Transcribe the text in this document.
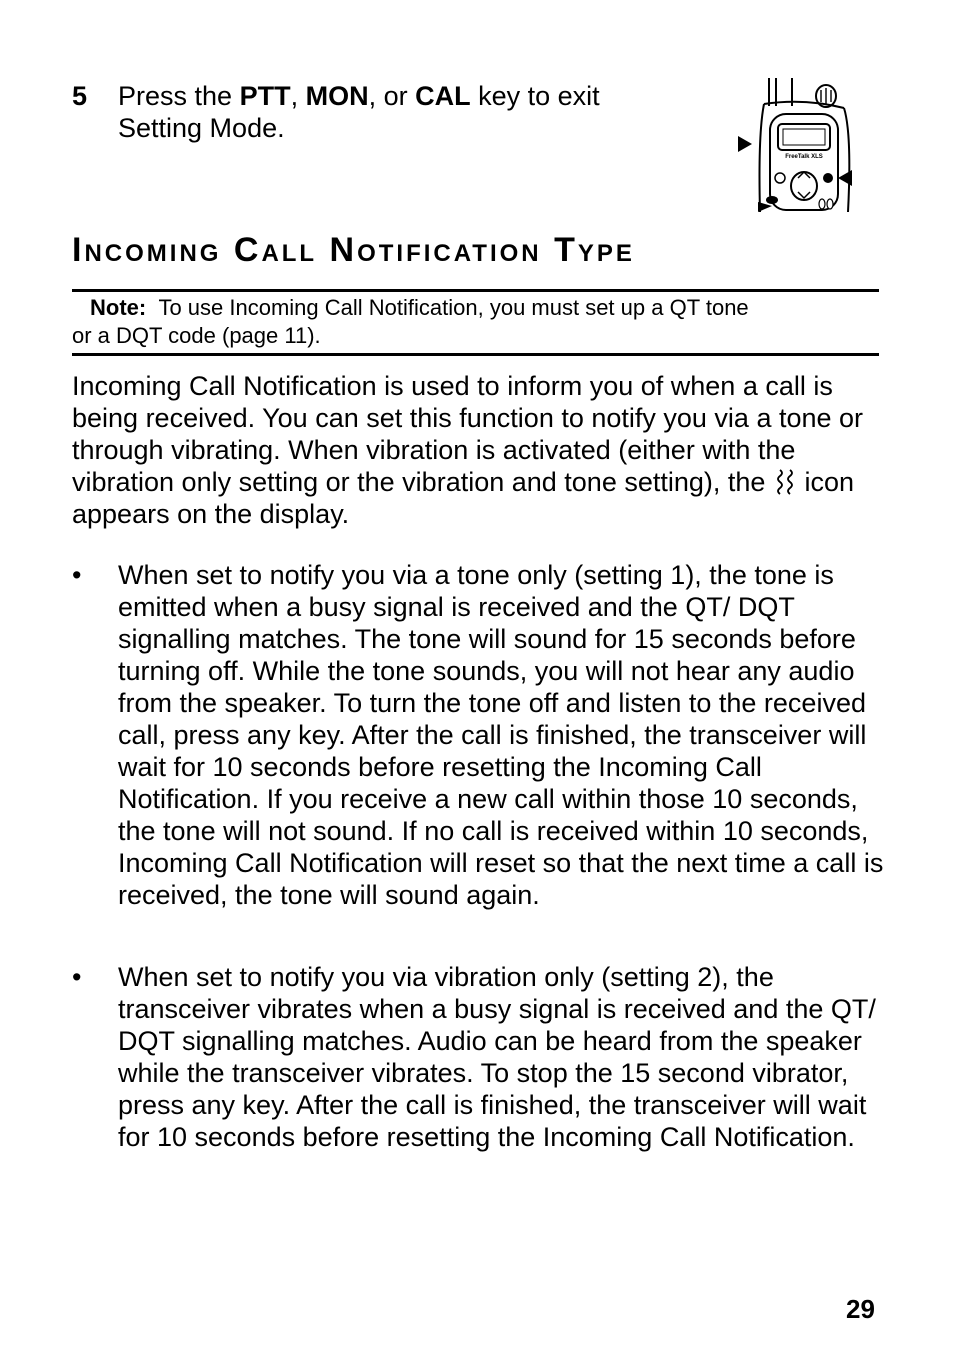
5 Press the PTT, MON, or CAL key to exit
Setting Mode.
FreeTalk XLS
Incoming Call Notification Type
Note: To use Incoming Call Notification, you must set up a QT tone
or a DQT code (page 11).
Incoming Call Notification is used to inform you of when a call is being received. You can set this function to notify you via a tone or through vibrating. When vibration is activated (either with the vibration only setting or the vibration and tone setting), the icon appears on the display.
• When set to notify you via a tone only (setting 1), the tone is emitted when a busy signal is received and the QT/ DQT signalling matches. The tone will sound for 15 seconds before turning off. While the tone sounds, you will not hear any audio from the speaker. To turn the tone off and listen to the received call, press any key. After the call is finished, the transceiver will wait for 10 seconds before resetting the Incoming Call Notification. If you receive a new call within those 10 seconds, the tone will not sound. If no call is received within 10 seconds, Incoming Call Notification will reset so that the next time a call is received, the tone will sound again.
• When set to notify you via vibration only (setting 2), the transceiver vibrates when a busy signal is received and the QT/ DQT signalling matches. Audio can be heard from the speaker while the transceiver vibrates. To stop the 15 second vibrator, press any key. After the call is finished, the transceiver will wait for 10 seconds before resetting the Incoming Call Notification.
29
